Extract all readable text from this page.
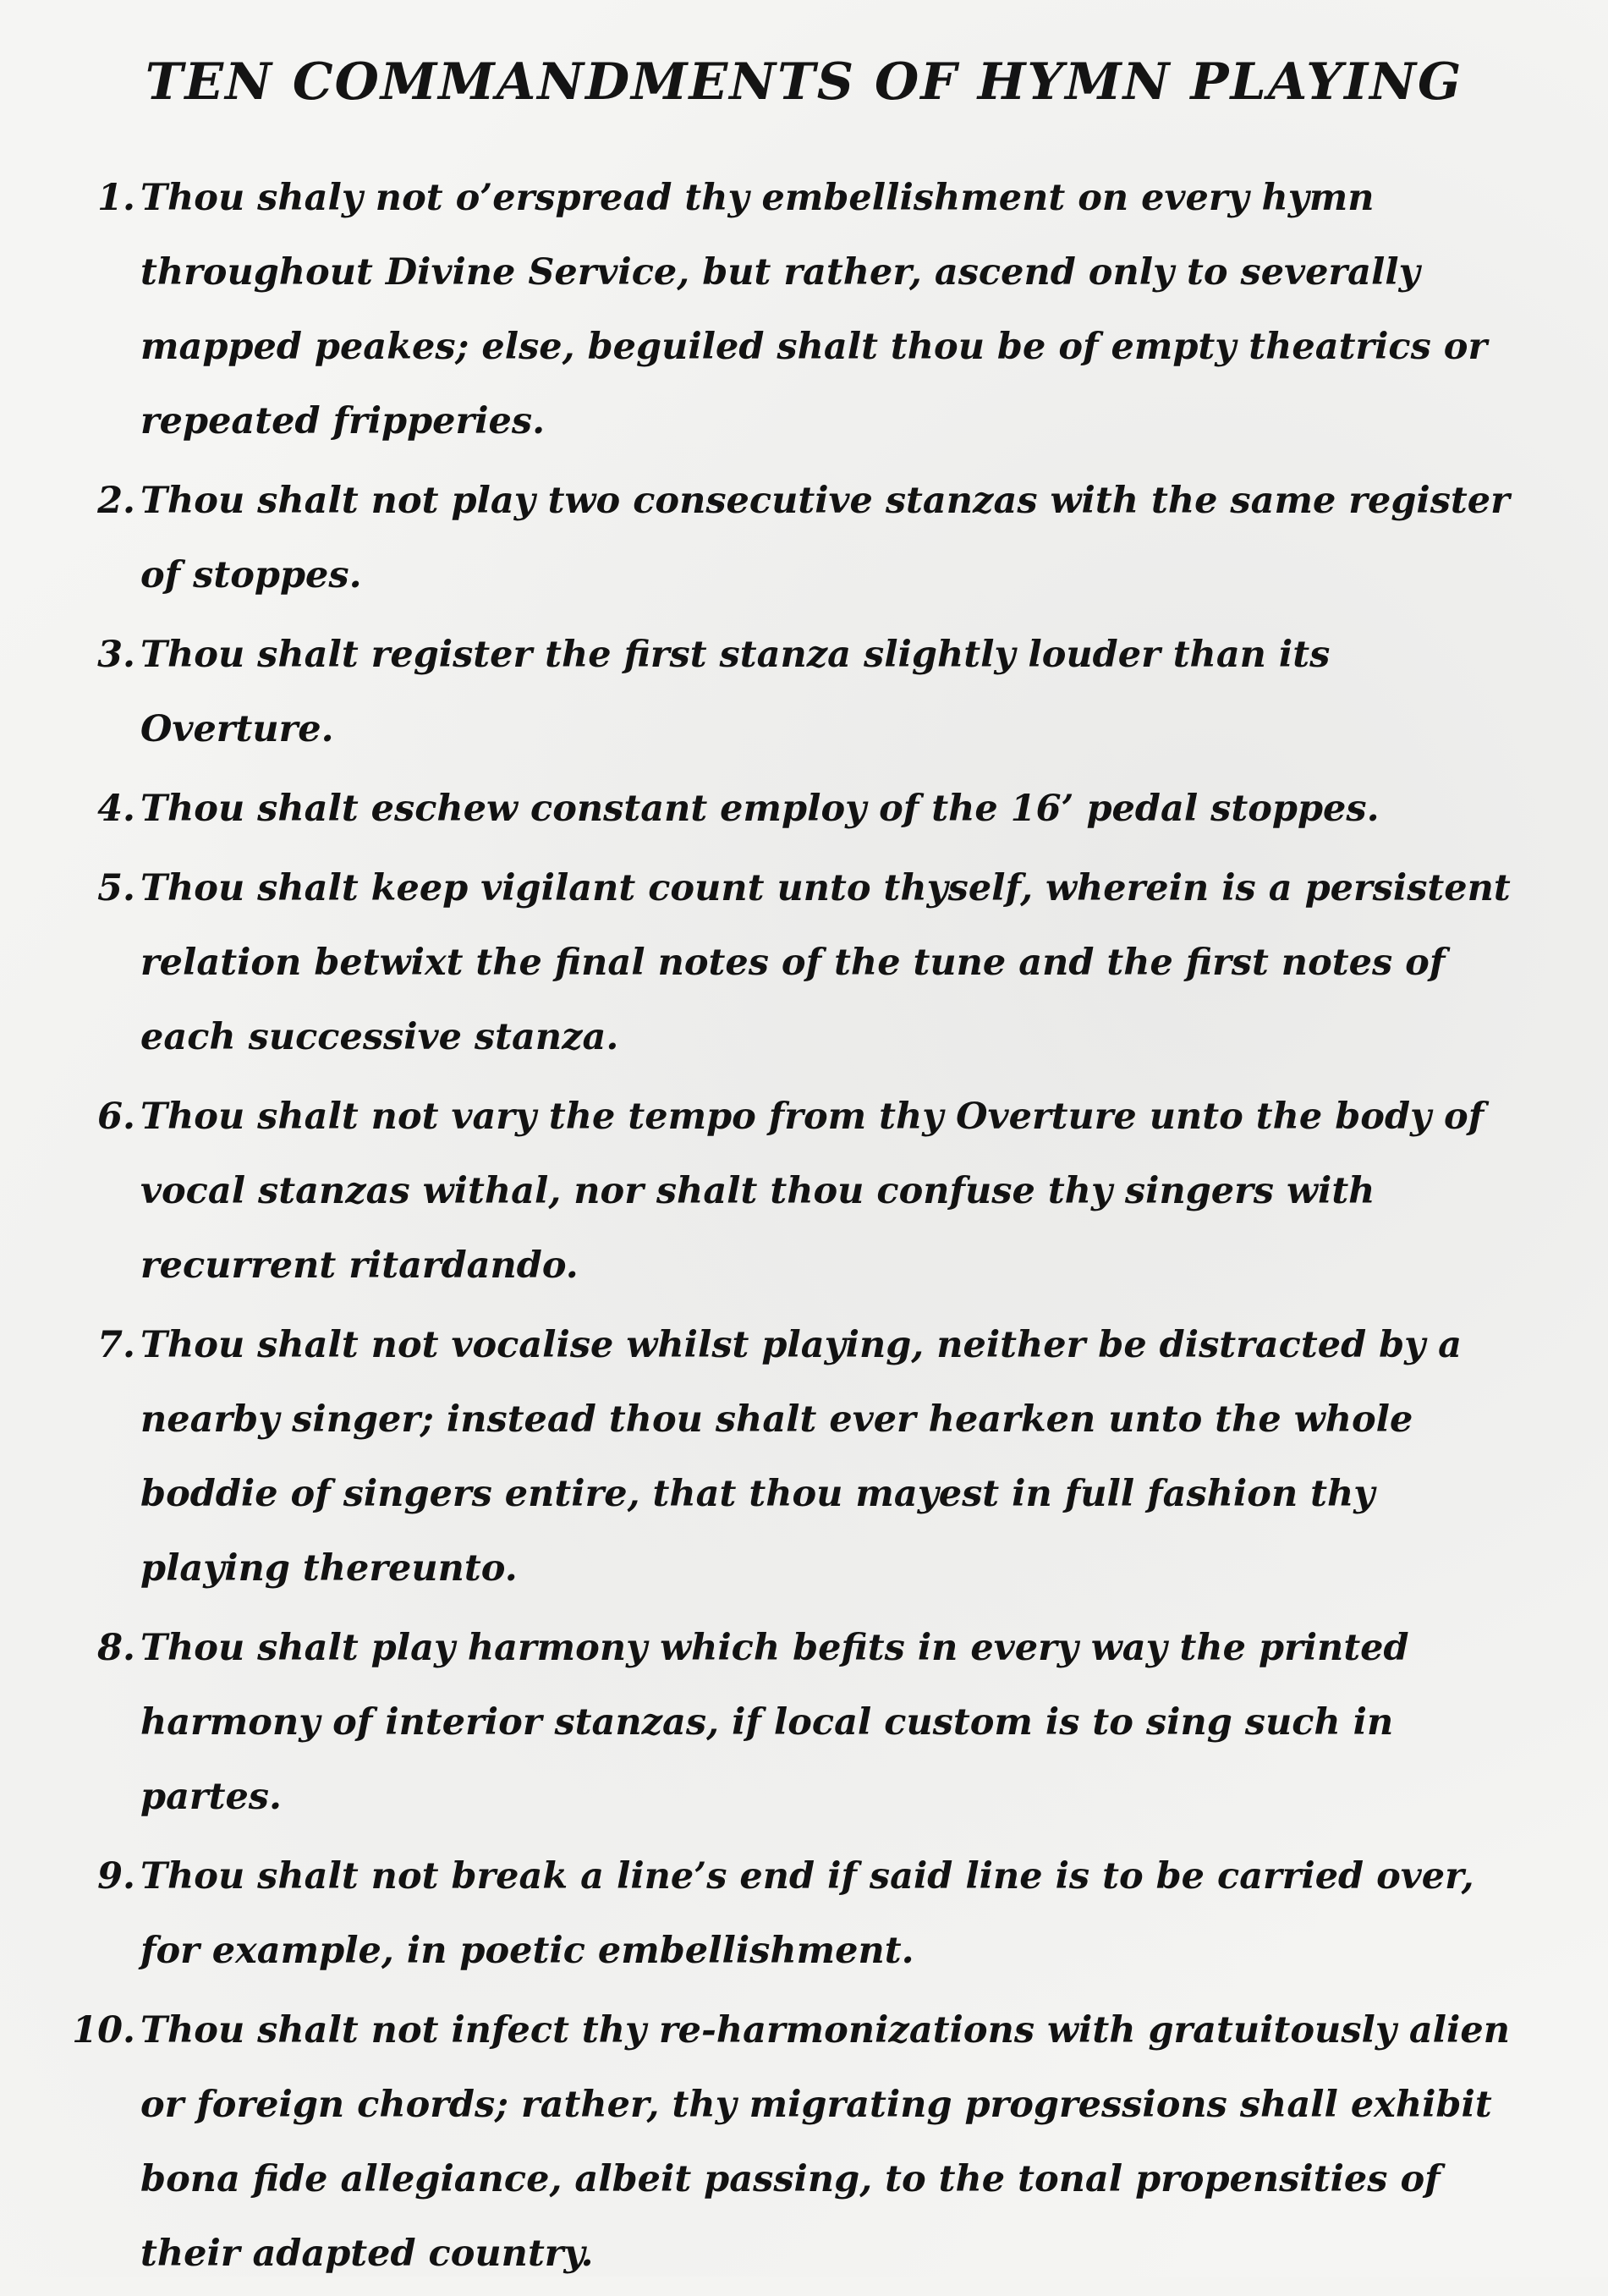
TEN COMMANDMENTS OF HYMN PLAYING
1 . Thou shaly not o’erspread thy embellishment on every hymn throughout Divine Service, but rather, ascend only to severally mapped peakes; else, beguiled shalt thou be of empty theatrics or repeated fripperies.
2 . Thou shalt not play two consecutive stanzas with the same register of stoppes.
3 . Thou shalt register the first stanza slightly louder than its Overture.
4 . Thou shalt eschew constant employ of the 16’ pedal stoppes.
5 . Thou shalt keep vigilant count unto thyself, wherein is a persistent relation betwixt the final notes of the tune and the first notes of each successive stanza.
6 . Thou shalt not vary the tempo from thy Overture unto the body of vocal stanzas withal, nor shalt thou confuse thy singers with recurrent ritardando.
7 . Thou shalt not vocalise whilst playing, neither be distracted by a nearby singer; instead thou shalt ever hearken unto the whole boddie of singers entire, that thou mayest in full fashion thy playing thereunto.
8 . Thou shalt play harmony which befits in every way the printed harmony of interior stanzas, if local custom is to sing such in partes.
9 . Thou shalt not break a line’s end if said line is to be carried over, for example, in poetic embellishment.
10 . Thou shalt not infect thy re-harmonizations with gratuitously alien or foreign chords; rather, thy migrating progressions shall exhibit bona fide allegiance, albeit passing, to the tonal propensities of their adapted country.
